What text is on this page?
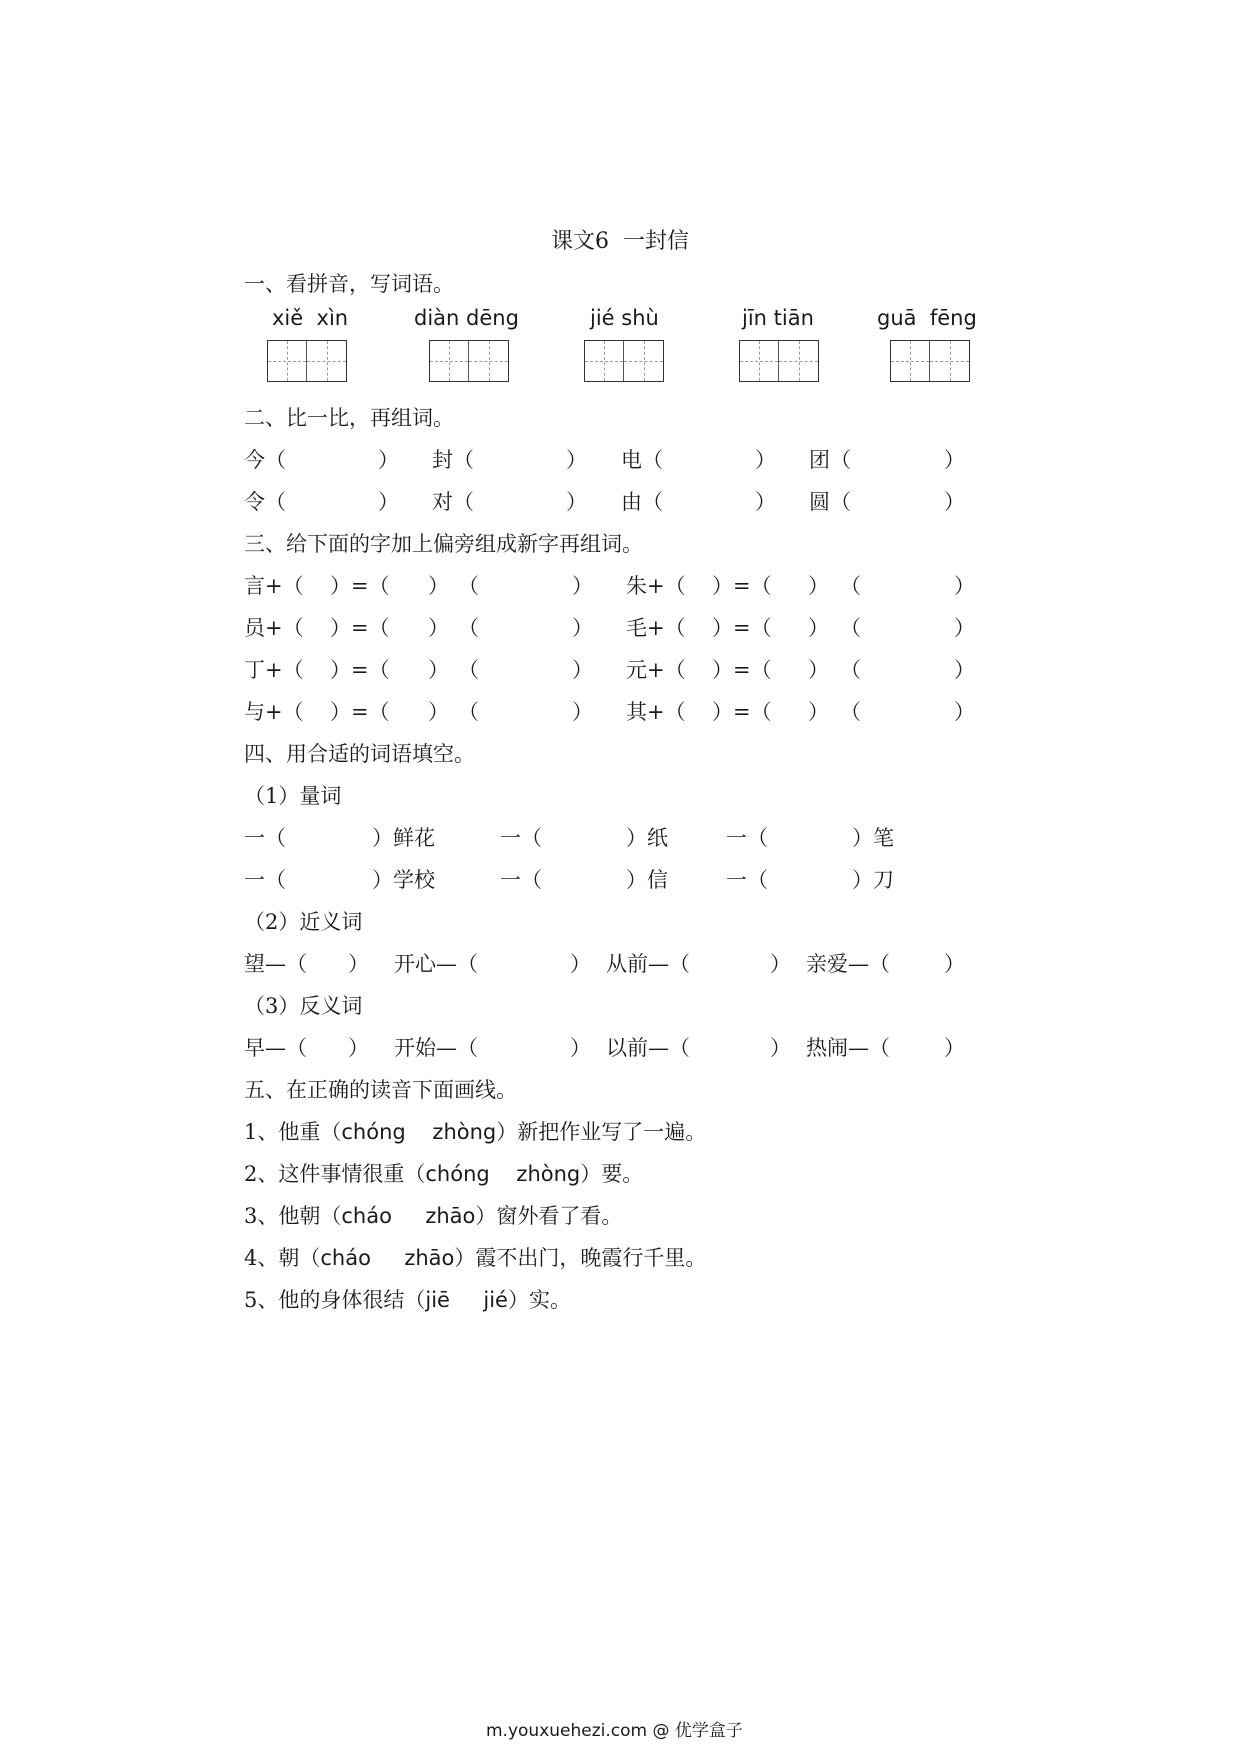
课文6  一封信
一、看拼音，写词语。
xiě  xìn	diàn dēng	jié shù	jīn tiān	guā  fēng
二、比一比，再组词。
今（	） 封（	） 电（	） 团（	）
令（	） 对（	） 由（	） 圆（	）
三、给下面的字加上偏旁组成新字再组词。
言+（ ）=（ ） （	） 朱+（ ）=（ ） （	）
员+（ ）=（ ） （	） 毛+（ ）=（ ） （	）
丁+（ ）=（ ） （	） 元+（ ）=（ ） （	）
与+（ ）=（ ） （	） 其+（ ）=（ ） （	）
四、用合适的词语填空。
（1）量词
一（	）鲜花	一（	）纸	一（	）笔
一（	）学校	一（	）信	一（	）刀
（2）近义词
望—（ ） 开心—（	） 从前—（	） 亲爱—（	）
（3）反义词
早—（ ） 开始—（	） 以前—（	） 热闹—（	）
五、在正确的读音下面画线。
1、他重（chóng zhòng）新把作业写了一遍。
2、这件事情很重（chóng zhòng）要。
3、他朝（cháo zhāo）窗外看了看。
4、朝（cháo zhāo）霞不出门，晚霞行千里。
5、他的身体很结（jiē jié）实。
m.youxuehezi.com @ 优学盒子
